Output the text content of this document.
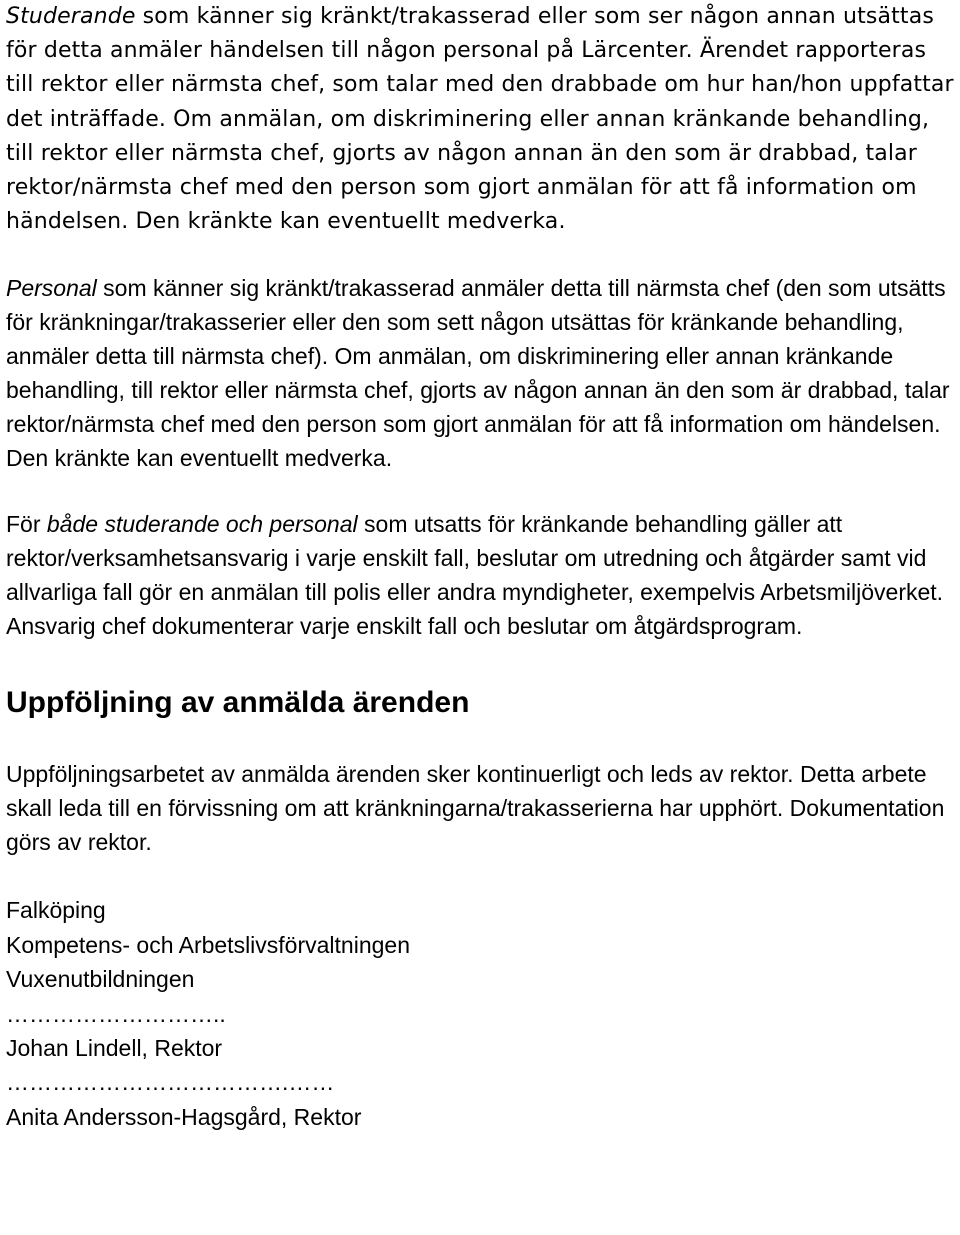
Studerande som känner sig kränkt/trakasserad eller som ser någon annan utsättas för detta anmäler händelsen till någon personal på Lärcenter. Ärendet rapporteras till rektor eller närmsta chef, som talar med den drabbade om hur han/hon uppfattar det inträffade. Om anmälan, om diskriminering eller annan kränkande behandling, till rektor eller närmsta chef, gjorts av någon annan än den som är drabbad, talar rektor/närmsta chef med den person som gjort anmälan för att få information om händelsen. Den kränkte kan eventuellt medverka.

Personal som känner sig kränkt/trakasserad anmäler detta till närmsta chef (den som utsätts för kränkningar/trakasserier eller den som sett någon utsättas för kränkande behandling, anmäler detta till närmsta chef). Om anmälan, om diskriminering eller annan kränkande behandling, till rektor eller närmsta chef, gjorts av någon annan än den som är drabbad, talar rektor/närmsta chef med den person som gjort anmälan för att få information om händelsen. Den kränkte kan eventuellt medverka.

För både studerande och personal som utsatts för kränkande behandling gäller att rektor/verksamhetsansvarig i varje enskilt fall, beslutar om utredning och åtgärder samt vid allvarliga fall gör en anmälan till polis eller andra myndigheter, exempelvis Arbetsmiljöverket. Ansvarig chef dokumenterar varje enskilt fall och beslutar om åtgärdsprogram.

Uppföljning av anmälda ärenden

Uppföljningsarbetet av anmälda ärenden sker kontinuerligt och leds av rektor. Detta arbete skall leda till en förvissning om att kränkningarna/trakasserierna har upphört. Dokumentation görs av rektor.

Falköping

Kompetens- och Arbetslivsförvaltningen

Vuxenutbildningen

………………………..

Johan Lindell, Rektor

……………………………….……

Anita Andersson-Hagsgård, Rektor
